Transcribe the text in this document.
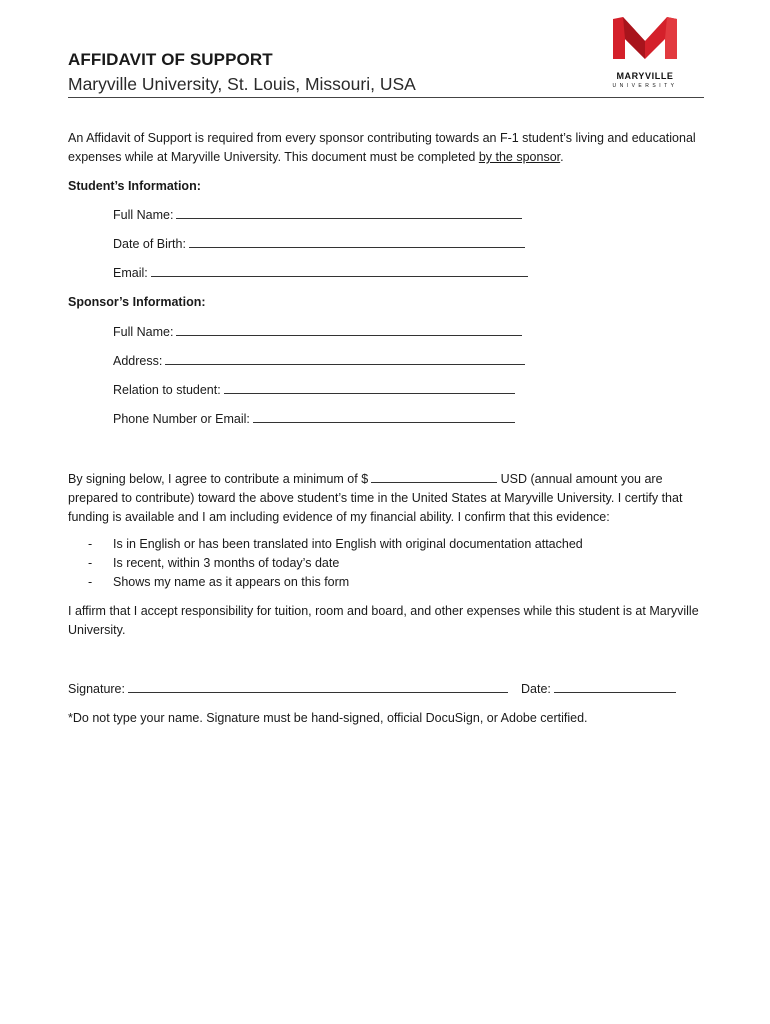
AFFIDAVIT OF SUPPORT
Maryville University, St. Louis, Missouri, USA	MARYVILLE
UNIVERSITY
An Affidavit of Support is required from every sponsor contributing towards an F-1 student’s living and educational expenses while at Maryville University. This document must be completed by the sponsor.
Student’s Information:
Full Name:
Date of Birth:
Email:
Sponsor’s Information:
Full Name:
Address:
Relation to student:
Phone Number or Email:
By signing below, I agree to contribute a minimum of $	USD (annual amount you are prepared to contribute) toward the above student’s time in the United States at Maryville University. I certify that funding is available and I am including evidence of my financial ability. I confirm that this evidence:
- Is in English or has been translated into English with original documentation attached
- Is recent, within 3 months of today’s date
- Shows my name as it appears on this form
I affirm that I accept responsibility for tuition, room and board, and other expenses while this student is at Maryville University.
Signature:	Date:
*Do not type your name. Signature must be hand-signed, official DocuSign, or Adobe certified.
